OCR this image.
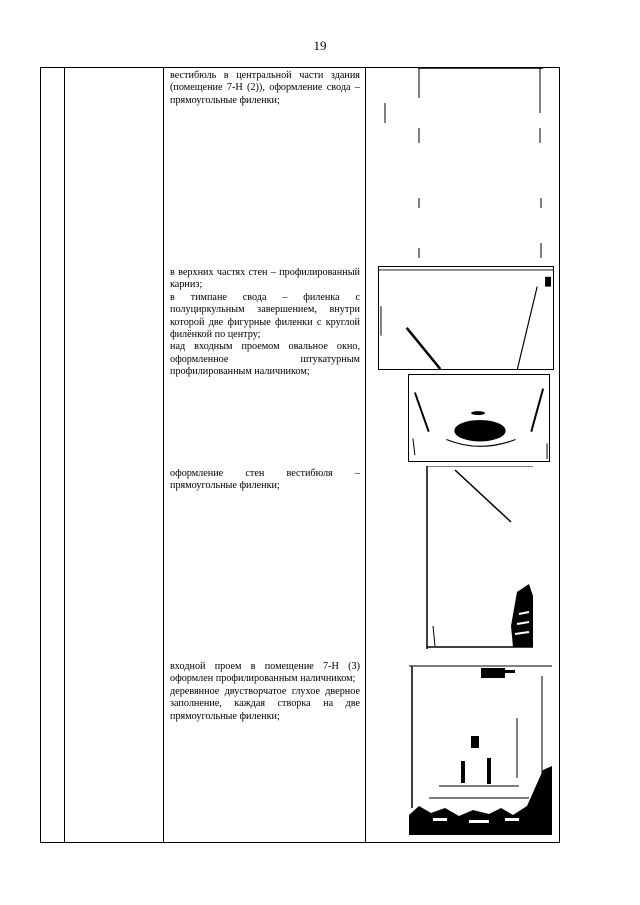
19

вестибюль в центральной части здания (помещение 7-Н (2)), оформление свода – прямоугольные филенки;

в верхних частях стен – профилированный карниз;

в тимпане свода – филенка с полуциркульным завершением, внутри которой две фигурные филенки с круглой филёнкой по центру;

над входным проемом овальное окно, оформленное штукатурным профилированным наличником;

оформление стен вестибюля – прямоугольные филенки;

входной проем в помещение 7-Н (3) оформлен профилированным наличником;

деревянное двустворчатое глухое дверное заполнение, каждая створка на две прямоугольные филенки;
